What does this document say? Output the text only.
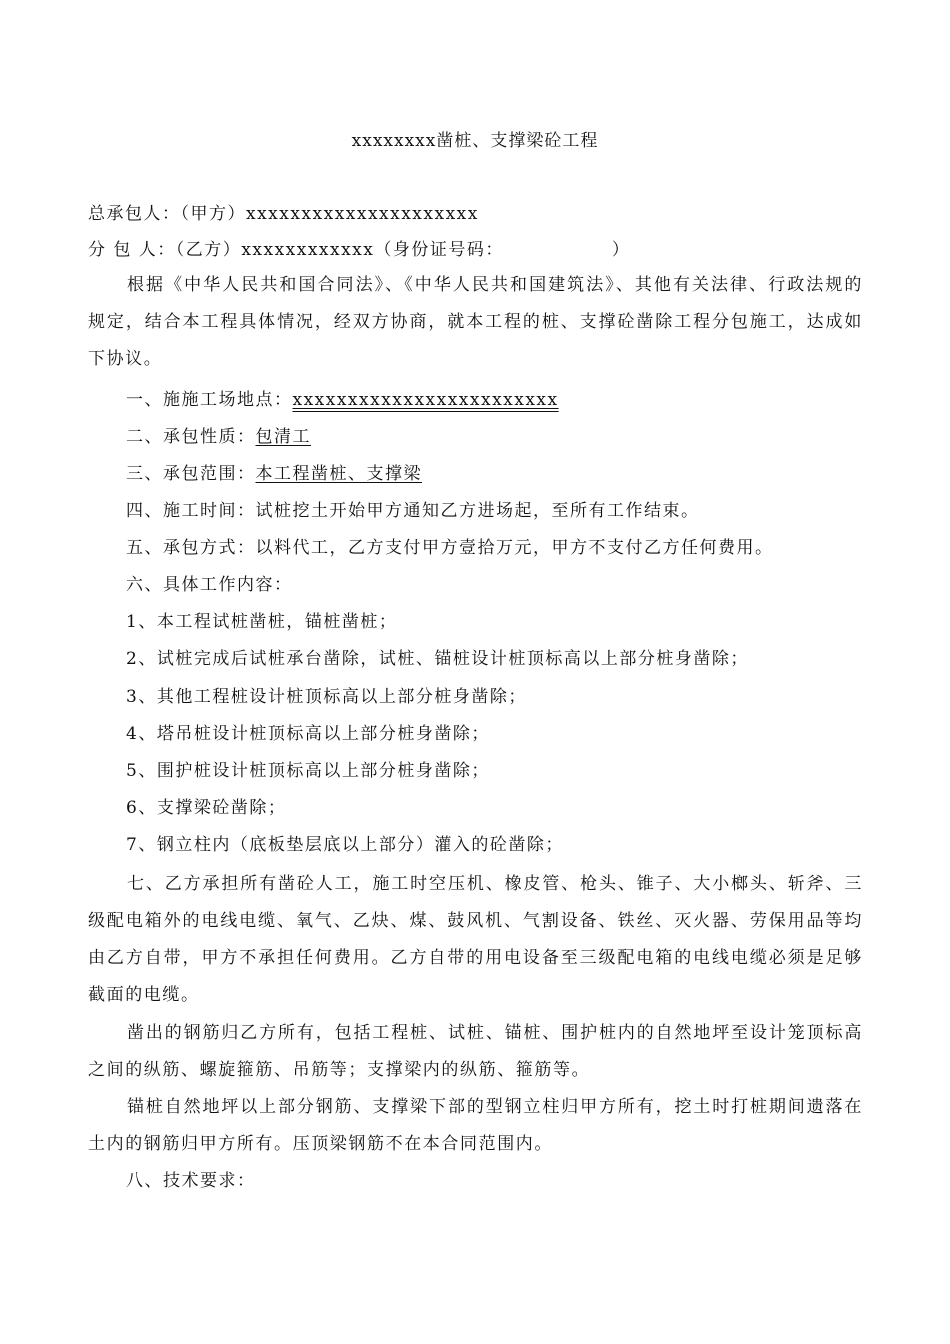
xxxxxxxx凿桩、支撑梁砼工程
总承包人：（甲方）xxxxxxxxxxxxxxxxxxxxx
分 包 人：（乙方）xxxxxxxxxxxx（身份证号码：	）
根据《中华人民共和国合同法》、《中华人民共和国建筑法》、其他有关法律、行政法规的规定，结合本工程具体情况，经双方协商，就本工程的桩、支撑砼凿除工程分包施工，达成如下协议。
一、施施工场地点：xxxxxxxxxxxxxxxxxxxxxxxx
二、承包性质：包清工
三、承包范围：本工程凿桩、支撑梁
四、施工时间：试桩挖土开始甲方通知乙方进场起，至所有工作结束。
五、承包方式：以料代工，乙方支付甲方壹拾万元，甲方不支付乙方任何费用。
六、具体工作内容：
1、本工程试桩凿桩，锚桩凿桩；
2、试桩完成后试桩承台凿除，试桩、锚桩设计桩顶标高以上部分桩身凿除；
3、其他工程桩设计桩顶标高以上部分桩身凿除；
4、塔吊桩设计桩顶标高以上部分桩身凿除；
5、围护桩设计桩顶标高以上部分桩身凿除；
6、支撑梁砼凿除；
7、钢立柱内（底板垫层底以上部分）灌入的砼凿除；
七、乙方承担所有凿砼人工，施工时空压机、橡皮管、枪头、锥子、大小榔头、斩斧、三级配电箱外的电线电缆、氧气、乙炔、煤、鼓风机、气割设备、铁丝、灭火器、劳保用品等均由乙方自带，甲方不承担任何费用。乙方自带的用电设备至三级配电箱的电线电缆必须是足够截面的电缆。
凿出的钢筋归乙方所有，包括工程桩、试桩、锚桩、围护桩内的自然地坪至设计笼顶标高之间的纵筋、螺旋箍筋、吊筋等；支撑梁内的纵筋、箍筋等。
锚桩自然地坪以上部分钢筋、支撑梁下部的型钢立柱归甲方所有，挖土时打桩期间遗落在土内的钢筋归甲方所有。压顶梁钢筋不在本合同范围内。
八、技术要求：
